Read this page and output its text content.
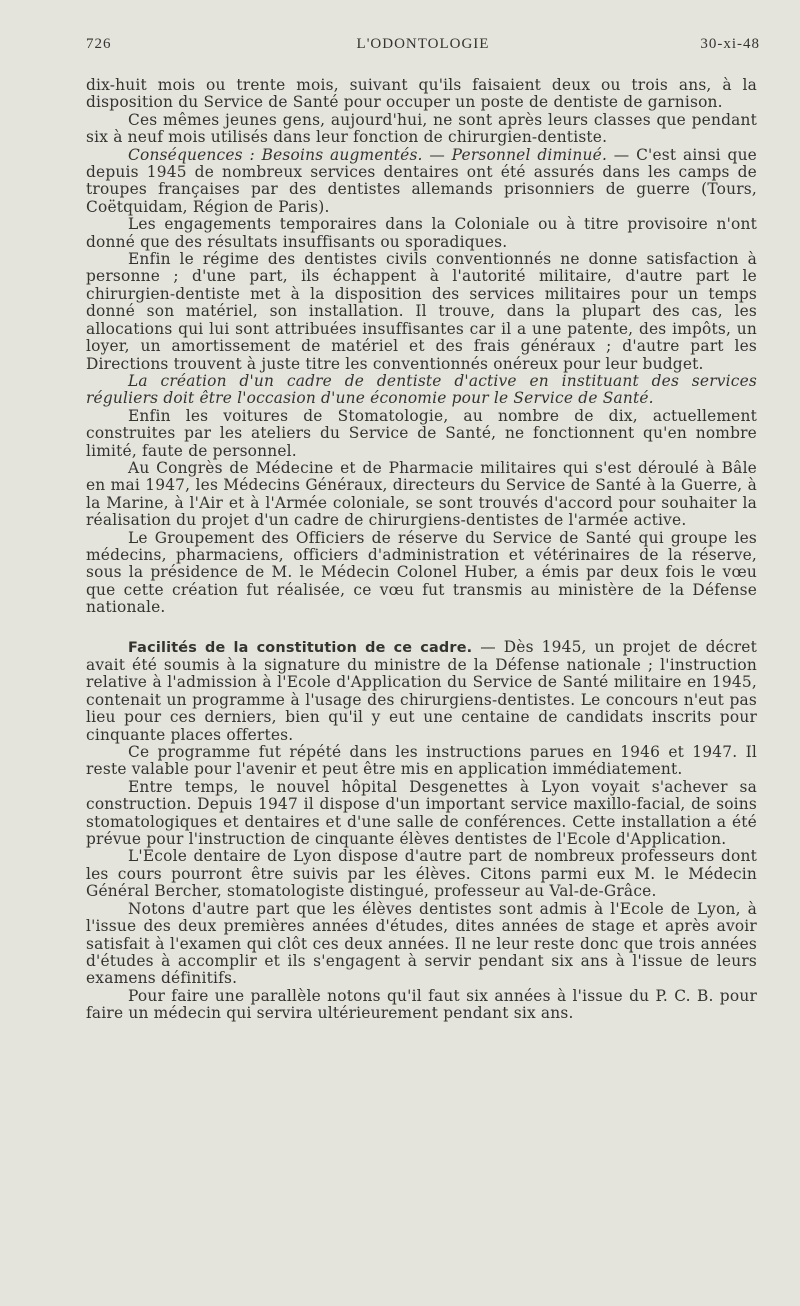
726	L'ODONTOLOGIE	30-xi-48

dix-huit mois ou trente mois, suivant qu'ils faisaient deux ou trois ans, à la disposition du Service de Santé pour occuper un poste de dentiste de garnison.

Ces mêmes jeunes gens, aujourd'hui, ne sont après leurs classes que pendant six à neuf mois utilisés dans leur fonction de chirurgien-dentiste.

Conséquences : Besoins augmentés. — Personnel diminué. — C'est ainsi que depuis 1945 de nombreux services dentaires ont été assurés dans les camps de troupes françaises par des dentistes allemands prisonniers de guerre (Tours, Coëtquidam, Région de Paris).

Les engagements temporaires dans la Coloniale ou à titre provisoire n'ont donné que des résultats insuffisants ou sporadiques.

Enfin le régime des dentistes civils conventionnés ne donne satisfaction à personne ; d'une part, ils échappent à l'autorité militaire, d'autre part le chirurgien-dentiste met à la disposition des services militaires pour un temps donné son matériel, son installation. Il trouve, dans la plupart des cas, les allocations qui lui sont attribuées insuffisantes car il a une patente, des impôts, un loyer, un amortissement de matériel et des frais généraux ; d'autre part les Directions trouvent à juste titre les conventionnés onéreux pour leur budget.

La création d'un cadre de dentiste d'active en instituant des services réguliers doit être l'occasion d'une économie pour le Service de Santé.

Enfin les voitures de Stomatologie, au nombre de dix, actuellement construites par les ateliers du Service de Santé, ne fonctionnent qu'en nombre limité, faute de personnel.

Au Congrès de Médecine et de Pharmacie militaires qui s'est déroulé à Bâle en mai 1947, les Médecins Généraux, directeurs du Service de Santé à la Guerre, à la Marine, à l'Air et à l'Armée coloniale, se sont trouvés d'accord pour souhaiter la réalisation du projet d'un cadre de chirurgiens-dentistes de l'armée active.

Le Groupement des Officiers de réserve du Service de Santé qui groupe les médecins, pharmaciens, officiers d'administration et vétérinaires de la réserve, sous la présidence de M. le Médecin Colonel Huber, a émis par deux fois le vœu que cette création fut réalisée, ce vœu fut transmis au ministère de la Défense nationale.

Facilités de la constitution de ce cadre. — Dès 1945, un projet de décret avait été soumis à la signature du ministre de la Défense nationale ; l'instruction relative à l'admission à l'Ecole d'Application du Service de Santé militaire en 1945, contenait un programme à l'usage des chirurgiens-dentistes. Le concours n'eut pas lieu pour ces derniers, bien qu'il y eut une centaine de candidats inscrits pour cinquante places offertes.

Ce programme fut répété dans les instructions parues en 1946 et 1947. Il reste valable pour l'avenir et peut être mis en application immédiatement.

Entre temps, le nouvel hôpital Desgenettes à Lyon voyait s'achever sa construction. Depuis 1947 il dispose d'un important service maxillo-facial, de soins stomatologiques et dentaires et d'une salle de conférences. Cette installation a été prévue pour l'instruction de cinquante élèves dentistes de l'Ecole d'Application.

L'Ecole dentaire de Lyon dispose d'autre part de nombreux professeurs dont les cours pourront être suivis par les élèves. Citons parmi eux M. le Médecin Général Bercher, stomatologiste distingué, professeur au Val-de-Grâce.

Notons d'autre part que les élèves dentistes sont admis à l'Ecole de Lyon, à l'issue des deux premières années d'études, dites années de stage et après avoir satisfait à l'examen qui clôt ces deux années. Il ne leur reste donc que trois années d'études à accomplir et ils s'engagent à servir pendant six ans à l'issue de leurs examens définitifs.

Pour faire une parallèle notons qu'il faut six années à l'issue du P. C. B. pour faire un médecin qui servira ultérieurement pendant six ans.
